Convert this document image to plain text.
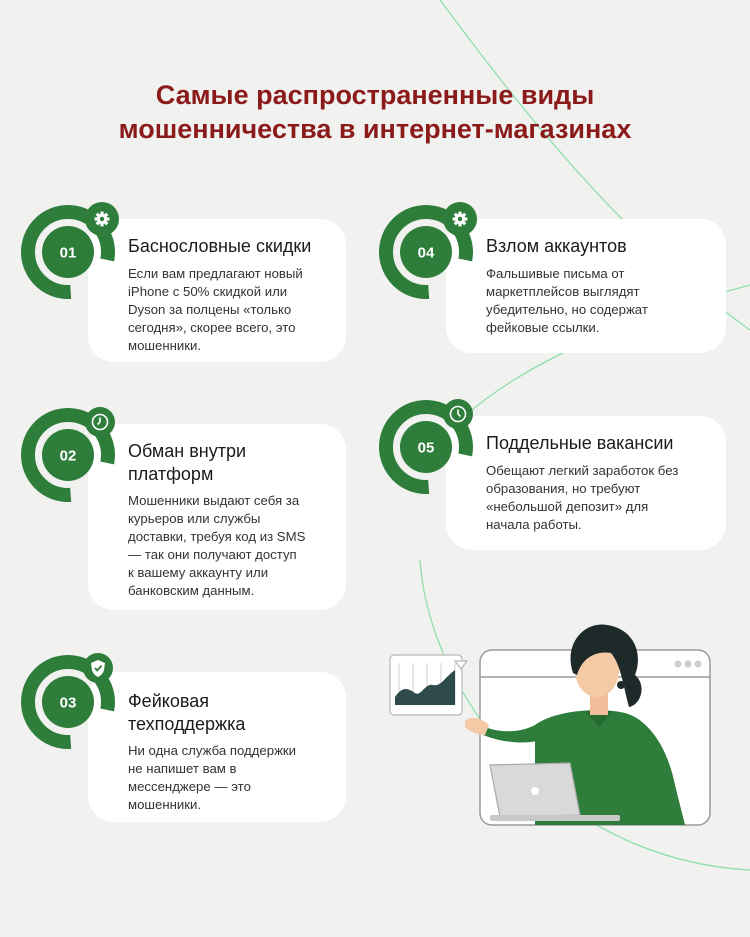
Самые распространенные виды
мошенничества в интернет-магазинах
01	Баснословные скидки
Если вам предлагают новый
iPhone с 50% скидкой или
Dyson за полцены «только
сегодня», скорее всего, это
мошенники.
02	Обман внутри
платформ
Мошенники выдают себя за
курьеров или службы
доставки, требуя код из SMS
— так они получают доступ
к вашему аккаунту или
банковским данным.
03	Фейковая
техподдержка
Ни одна служба поддержки
не напишет вам в
мессенджере — это
мошенники.
04	Взлом аккаунтов
Фальшивые письма от
маркетплейсов выглядят
убедительно, но содержат
фейковые ссылки.
05	Поддельные вакансии
Обещают легкий заработок без
образования, но требуют
«небольшой депозит» для
начала работы.
